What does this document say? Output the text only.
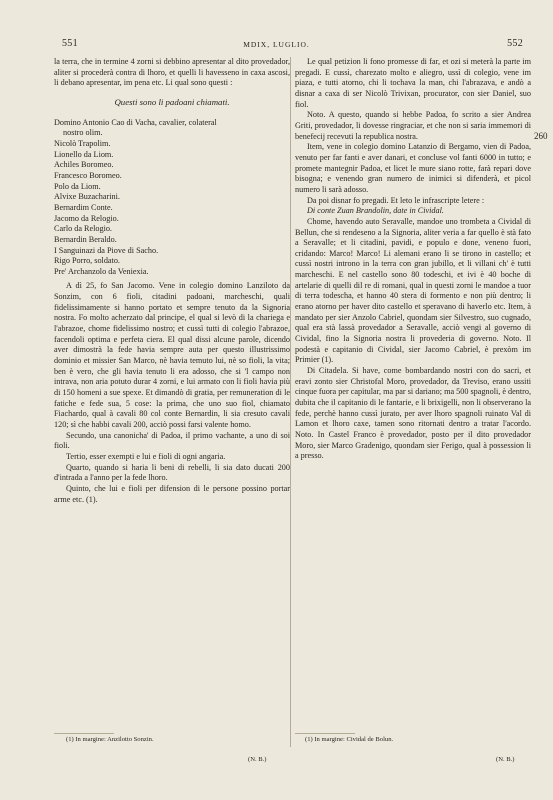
551	MDIX, LUGLIO.	552
260

la terra, che in termine 4 zorni si debbino apresentar al dito provedador, aliter si procederà contra di lhoro, et quelli li havesseno in caxa ascosi, li debano apresentar, im pena etc. Li qual sono questi :

Questi sono li padoani chiamati.
Domino Antonio Cao di Vacha, cavalier, colateral
nostro olim.
Nicolò Trapolim.
Lionello da Liom.
Achiles Boromeo.
Francesco Boromeo.
Polo da Liom.
Alvixe Buzacharini.
Bernardim Conte.
Jacomo da Relogio.
Carlo da Relogio.
Bernardin Beraldo.
I Sanguinazi da Piove di Sacho.
Rigo Porro, soldato.
Pre' Archanzolo da Veniexia.

A dì 25, fo San Jacomo. Vene in colegio domino Lanziloto da Sonzim, con 6 fioli, citadini padoani, marcheschi, quali fidelissimamente si hanno portato et sempre tenuto da la Signoria nostra. Fo molto acherzato dal principe, el qual si levò di la chariega e l'abrazoe, chome fidelissimo nostro; et cussì tutti di colegio l'abrazoe, facendoli optima e perfeta ciera. El qual dissi alcune parole, dicendo aver dimostrà la fede havia sempre auta per questo illustrissimo dominio et missier San Marco, nè havia temuto lui, nè so fioli, la vita; ben è vero, che gli havia tenuto li era adosso, che si 'l campo non intrava, non aria potuto durar 4 zorni, e lui armato con li fioli havia più di 150 homeni a sue spexe. Et dimandò di gratia, per remuneration di le fatiche e fede sua, 5 cose: la prima, che uno suo fiol, chiamato Fiachardo, qual à cavali 80 col conte Bernardin, li sia cresuto cavali 120; sì che habbi cavali 200, acciò possi farsi valente homo.

Secundo, una canonicha' di Padoa, il primo vachante, a uno di soi fioli.

Tertio, esser exempti e lui e fioli di ogni angaria.

Quarto, quando si haria li beni di rebelli, li sia dato ducati 200 d'intrada a l'anno per la fede lhoro.

Quinto, che lui e fioli per difension di le persone possino portar arme etc. (1).

Le qual petizion li fono promesse di far, et ozi si meterà la parte im pregadi. E cussì, charezato molto e aliegro, ussì di colegio, vene im piaza, e tutti atorno, chi li tochava la man, chi l'abrazava, e andò a disnar a caxa di ser Nicolò Trivixan, procurator, con sier Daniel, suo fiol.

Noto. A questo, quando si hebbe Padoa, fo scrito a sier Andrea Griti, provedador, li dovesse ringraciar, et che non si saria immemori di benefecij recevuti la republica nostra.

Item, vene in colegio domino Latanzio di Bergamo, vien di Padoa, venuto per far fanti e aver danari, et concluse vol fanti 6000 in tutto; e promete mantegnir Padoa, et licet le mure siano rotte, farà repari dove bisogna; e venendo gran numero de inimici si difenderà, et picol numero li sarà adosso.

Da poi disnar fo pregadi. Et leto le infrascripte letere :

Di conte Zuan Brandolin, date in Cividal.

Chome, havendo auto Seravalle, mandoe uno trombeta a Cividal di Bellun, che si rendeseno a la Signoria, aliter veria a far quello è stà fato a Seravalle; et li citadini, pavidi, e populo e done, veneno fuori, cridando: Marco! Marco! Li alemani erano li se tirono in castello; et cussì nostri introno in la terra con gran jubillo, et li villani ch' è tutti marcheschi. E nel castello sono 80 todeschi, et ivi è 40 boche di artelarie di quelli dil re di romani, qual in questi zorni le mandoe a tuor di terra todescha, et hanno 40 stera di formento e non più dentro; li erano atorno per haver dito castello et speravano di haverlo etc. Item, à mandato per sier Anzolo Cabriel, quondam sier Silvestro, suo cugnado, qual era stà lassà provedador a Seravalle, acciò vengi al governo di Cividal, fino la Signoria nostra li provederia di governo. Noto. Il podestà e capitanio di Cividal, sier Jacomo Cabriel, è prexòm im Primier (1).

Di Citadela. Si have, come bombardando nostri con do sacri, et eravi zonto sier Christofal Moro, provedador, da Treviso, erano ussiti cinque fuora per capitular, ma par si dariano; ma 500 spagnoli, è dentro, dubita che il capitanio di le fantarie, e li brixigelli, non li observerano la fede, perchè hanno cussì jurato, per aver lhoro spagnoli ruinato Val di Lamon et lhoro caxe, tamen sono ritornati dentro a tratar l'acordo. Noto. In Castel Franco è provedador, posto per il dito provedador Moro, sier Marco Gradenigo, quondam sier Ferigo, qual à possession li a presso.

(1) In margine: Anzilotto Sonzin.
(N. B.)
(1) In margine: Cividal de Bolun.
(N. B.)
